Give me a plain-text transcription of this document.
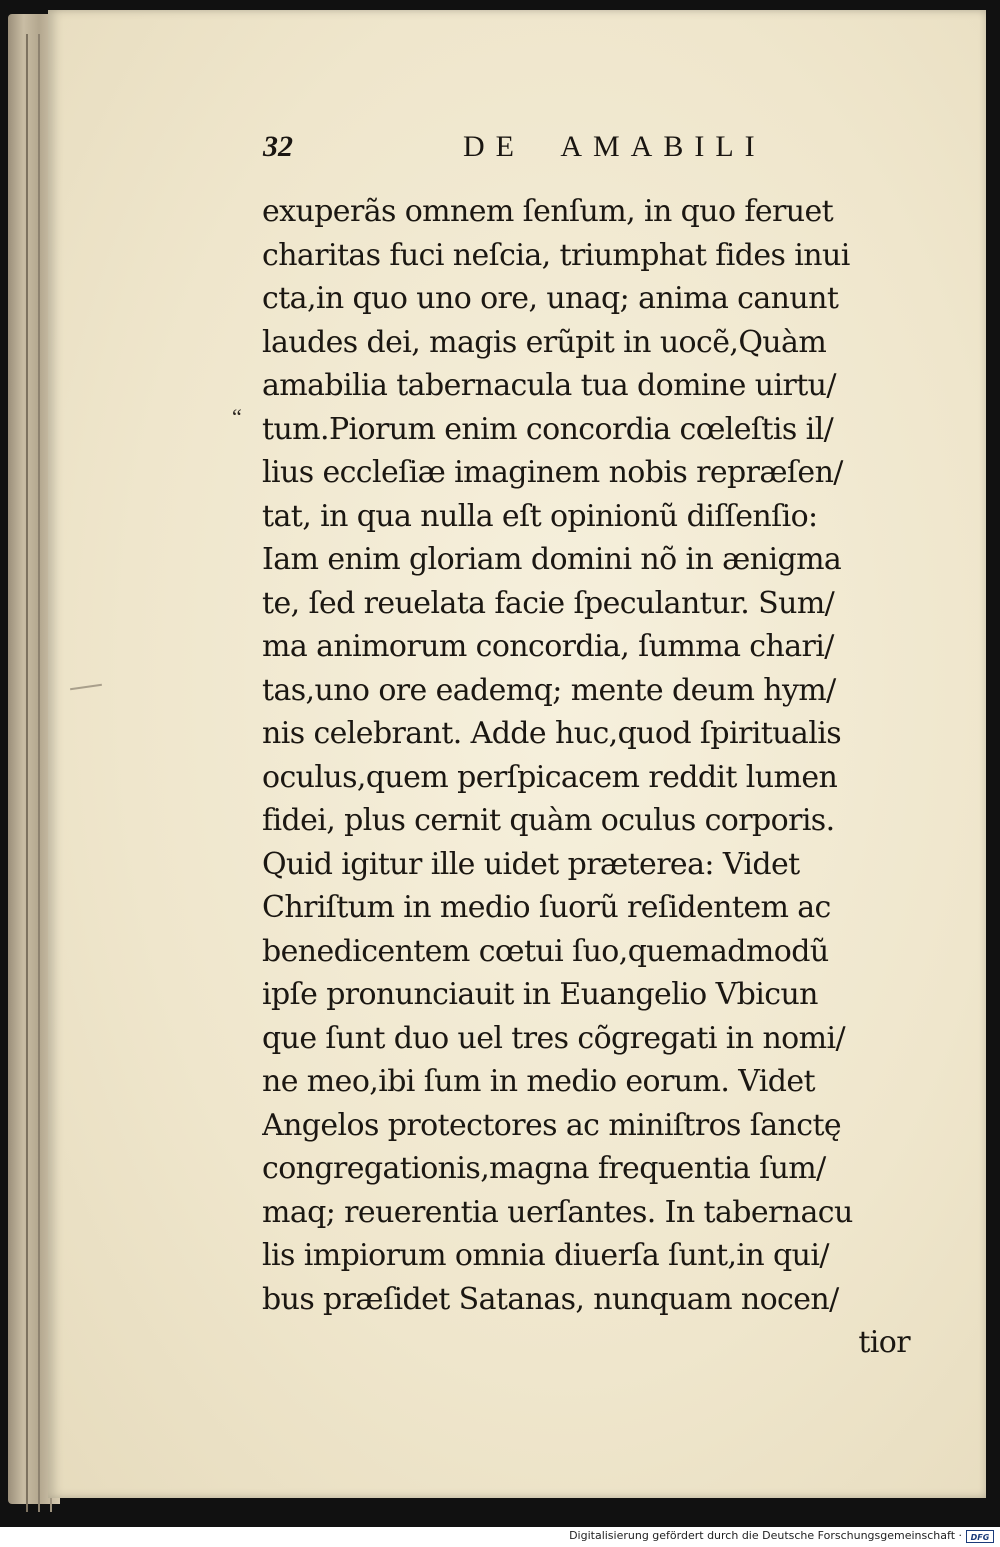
32	DE  AMABILI
“
exuperãs omnem ſenſum, in quo feruet
charitas fuci neſcia, triumphat fides inui
cta,in quo uno ore, unaq; anima canunt
laudes dei, magis erũpit in uocẽ,Quàm
amabilia tabernacula tua domine uirtu/
tum.Piorum enim concordia cœleſtis il/
lius eccleſiæ imaginem nobis repræſen/
tat, in qua nulla eſt opinionũ diſſenſio:
Iam enim gloriam domini nõ in ænigma
te, ſed reuelata facie ſpeculantur. Sum/
ma animorum concordia, ſumma chari/
tas,uno ore eademq; mente deum hym/
nis celebrant. Adde huc,quod ſpiritualis
oculus,quem perſpicacem reddit lumen
fidei, plus cernit quàm oculus corporis.
Quid igitur ille uidet præterea: Videt
Chriſtum in medio ſuorũ reſidentem ac
benedicentem cœtui ſuo,quemadmodũ
ipſe pronunciauit in Euangelio Vbicun
que ſunt duo uel tres cõgregati in nomi/
ne meo,ibi ſum in medio eorum. Videt
Angelos protectores ac miniſtros ſanctę
congregationis,magna frequentia ſum/
maq; reuerentia uerſantes. In tabernacu
lis impiorum omnia diuerſa ſunt,in qui/
bus præſidet Satanas, nunquam nocen/
tior
Digitalisierung gefördert durch die Deutsche Forschungsgemeinschaft ·	DFG
